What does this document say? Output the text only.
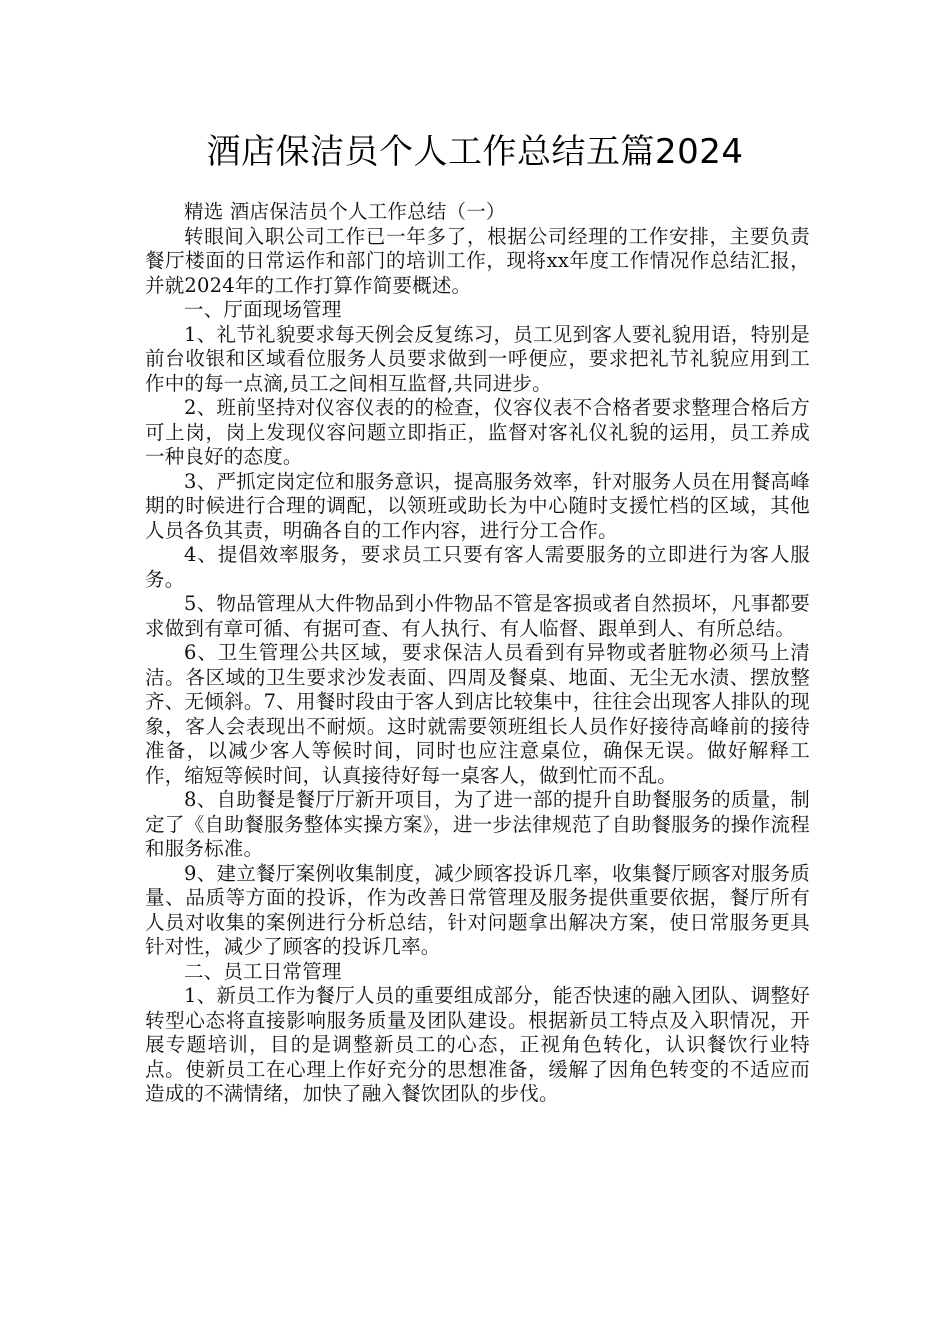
酒店保洁员个人工作总结五篇2024

精选 酒店保洁员个人工作总结（一）

转眼间入职公司工作已一年多了，根据公司经理的工作安排，主要负责餐厅楼面的日常运作和部门的培训工作，现将xx年度工作情况作总结汇报，并就2024年的工作打算作简要概述。

一、厅面现场管理

1、礼节礼貌要求每天例会反复练习，员工见到客人要礼貌用语，特别是前台收银和区域看位服务人员要求做到一呼便应，要求把礼节礼貌应用到工作中的每一点滴,员工之间相互监督,共同进步。

2、班前坚持对仪容仪表的的检查，仪容仪表不合格者要求整理合格后方可上岗，岗上发现仪容问题立即指正，监督对客礼仪礼貌的运用，员工养成一种良好的态度。

3、严抓定岗定位和服务意识，提高服务效率，针对服务人员在用餐高峰期的时候进行合理的调配，以领班或助长为中心随时支援忙档的区域，其他人员各负其责，明确各自的工作内容，进行分工合作。

4、提倡效率服务，要求员工只要有客人需要服务的立即进行为客人服务。

5、物品管理从大件物品到小件物品不管是客损或者自然损坏，凡事都要求做到有章可循、有据可查、有人执行、有人临督、跟单到人、有所总结。

6、卫生管理公共区域，要求保洁人员看到有异物或者脏物必须马上清洁。各区域的卫生要求沙发表面、四周及餐桌、地面、无尘无水渍、摆放整齐、无倾斜。7、用餐时段由于客人到店比较集中，往往会出现客人排队的现象，客人会表现出不耐烦。这时就需要领班组长人员作好接待高峰前的接待准备，以减少客人等候时间，同时也应注意桌位，确保无误。做好解释工作，缩短等候时间，认真接待好每一桌客人，做到忙而不乱。

8、自助餐是餐厅厅新开项目，为了进一部的提升自助餐服务的质量，制定了《自助餐服务整体实操方案》，进一步法律规范了自助餐服务的操作流程和服务标准。

9、建立餐厅案例收集制度，减少顾客投诉几率，收集餐厅顾客对服务质量、品质等方面的投诉，作为改善日常管理及服务提供重要依据，餐厅所有人员对收集的案例进行分析总结，针对问题拿出解决方案，使日常服务更具针对性，减少了顾客的投诉几率。

二、员工日常管理

1、新员工作为餐厅人员的重要组成部分，能否快速的融入团队、调整好转型心态将直接影响服务质量及团队建设。根据新员工特点及入职情况，开展专题培训，目的是调整新员工的心态，正视角色转化，认识餐饮行业特点。使新员工在心理上作好充分的思想准备，缓解了因角色转变的不适应而造成的不满情绪，加快了融入餐饮团队的步伐。
